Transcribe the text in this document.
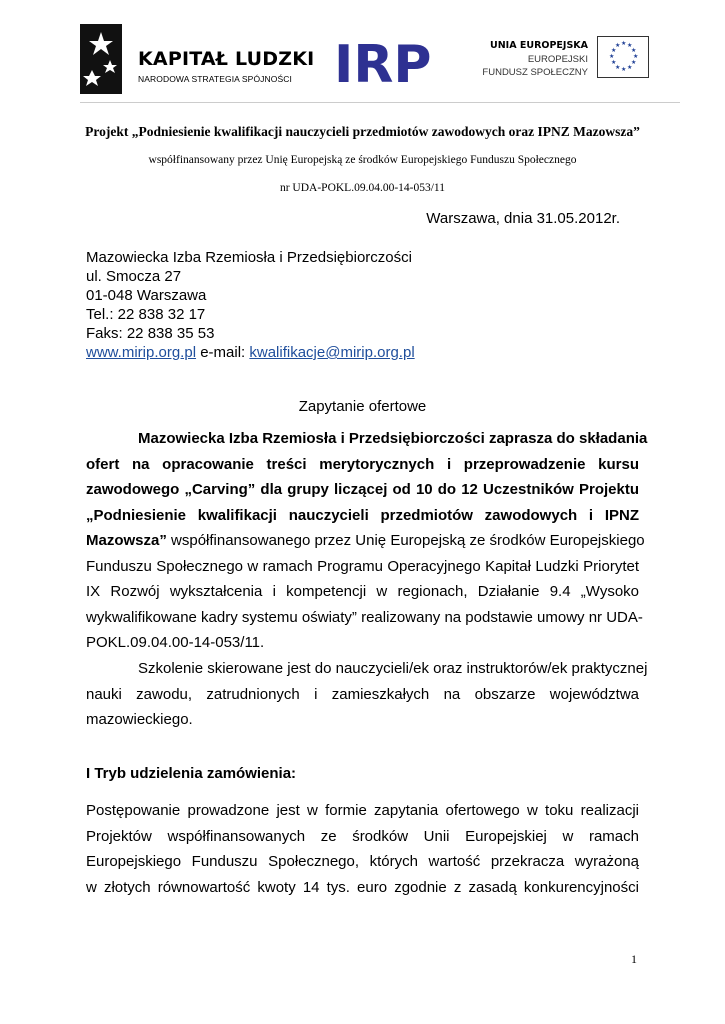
KAPITAŁ LUDZKI
NARODOWA STRATEGIA SPÓJNOŚCI IRP	UNIA EUROPEJSKA
EUROPEJSKI
FUNDUSZ SPOŁECZNY
★ ★
★
★
★
★
★
★
★
★
★
★
Projekt „Podniesienie kwalifikacji nauczycieli przedmiotów zawodowych oraz IPNZ Mazowsza”
współfinansowany przez Unię Europejską ze środków Europejskiego Funduszu Społecznego
nr UDA-POKL.09.04.00-14-053/11
Warszawa, dnia 31.05.2012r.
Mazowiecka Izba Rzemiosła i Przedsiębiorczości
ul. Smocza 27
01-048 Warszawa
Tel.: 22 838 32 17
Faks: 22 838 35 53
www.mirip.org.pl e-mail: kwalifikacje@mirip.org.pl
Zapytanie ofertowe
Mazowiecka Izba Rzemiosła i Przedsiębiorczości zaprasza do składania
ofert na opracowanie treści merytorycznych i przeprowadzenie kursu
zawodowego „Carving” dla grupy liczącej od 10 do 12 Uczestników Projektu
„Podniesienie kwalifikacji nauczycieli przedmiotów zawodowych i IPNZ
Mazowsza” współfinansowanego przez Unię Europejską ze środków Europejskiego
Funduszu Społecznego w ramach Programu Operacyjnego Kapitał Ludzki Priorytet
IX Rozwój wykształcenia i kompetencji w regionach, Działanie 9.4 „Wysoko
wykwalifikowane kadry systemu oświaty” realizowany na podstawie umowy nr UDA-
POKL.09.04.00-14-053/11.
Szkolenie skierowane jest do nauczycieli/ek oraz instruktorów/ek praktycznej
nauki zawodu, zatrudnionych i zamieszkałych na obszarze województwa
mazowieckiego.
I Tryb udzielenia zamówienia:
Postępowanie prowadzone jest w formie zapytania ofertowego w toku realizacji
Projektów współfinansowanych ze środków Unii Europejskiej w ramach
Europejskiego Funduszu Społecznego, których wartość przekracza wyrażoną
w złotych równowartość kwoty 14 tys. euro zgodnie z zasadą konkurencyjności
1
